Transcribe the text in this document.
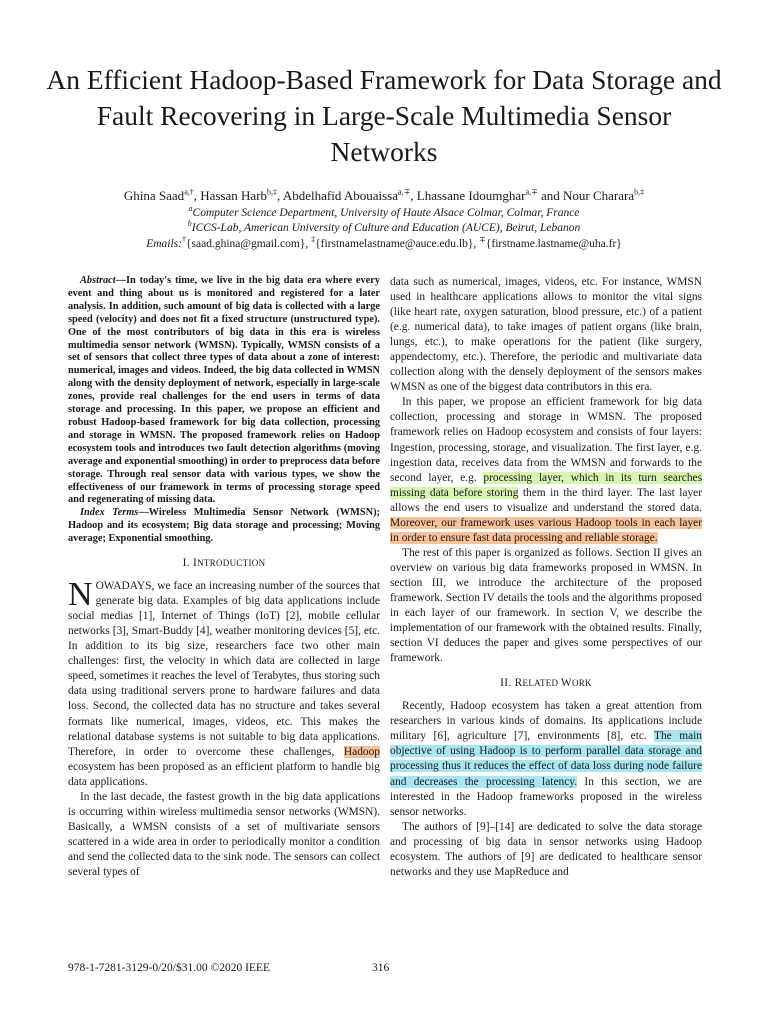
An Efficient Hadoop-Based Framework for Data Storage and Fault Recovering in Large-Scale Multimedia Sensor Networks
Ghina Saad$^{a,\dagger}$, Hassan Harb$^{b,\ddagger}$, Abdelhafid Abouaissa$^{a,\mp}$, Lhassane Idoumghar$^{a,\mp}$ and Nour Charara$^{b,\ddagger}$
$^a$Computer Science Department, University of Haute Alsace Colmar, Colmar, France
$^b$ICCS-Lab, American University of Culture and Education (AUCE), Beirut, Lebanon
Emails:†{saad.ghina@gmail.com}, ‡{firstnamelastname@auce.edu.lb}, ∓{firstname.lastname@uha.fr}

Abstract—In today's time, we live in the big data era where every event and thing about us is monitored and registered for a later analysis. In addition, such amount of big data is collected with a large speed (velocity) and does not fit a fixed structure (unstructured type). One of the most contributors of big data in this era is wireless multimedia sensor network (WMSN). Typically, WMSN consists of a set of sensors that collect three types of data about a zone of interest: numerical, images and videos. Indeed, the big data collected in WMSN along with the density deployment of network, especially in large-scale zones, provide real challenges for the end users in terms of data storage and processing. In this paper, we propose an efficient and robust Hadoop-based framework for big data collection, processing and storage in WMSN. The proposed framework relies on Hadoop ecosystem tools and introduces two fault detection algorithms (moving average and exponential smoothing) in order to preprocess data before storage. Through real sensor data with various types, we show the effectiveness of our framework in terms of processing storage speed and regenerating of missing data.

Index Terms—Wireless Multimedia Sensor Network (WMSN); Hadoop and its ecosystem; Big data storage and processing; Moving average; Exponential smoothing.

I. INTRODUCTION

NOWADAYS, we face an increasing number of the sources that generate big data. Examples of big data applications include social medias [1], Internet of Things (IoT) [2], mobile cellular networks [3], Smart-Buddy [4], weather monitoring devices [5], etc. In addition to its big size, researchers face two other main challenges: first, the velocity in which data are collected in large speed, sometimes it reaches the level of Terabytes, thus storing such data using traditional servers prone to hardware failures and data loss. Second, the collected data has no structure and takes several formats like numerical, images, videos, etc. This makes the relational database systems is not suitable to big data applications. Therefore, in order to overcome these challenges, Hadoop ecosystem has been proposed as an efficient platform to handle big data applications.

In the last decade, the fastest growth in the big data applications is occurring within wireless multimedia sensor networks (WMSN). Basically, a WMSN consists of a set of multivariate sensors scattered in a wide area in order to periodically monitor a condition and send the collected data to the sink node. The sensors can collect several types of

data such as numerical, images, videos, etc. For instance, WMSN used in healthcare applications allows to monitor the vital signs (like heart rate, oxygen saturation, blood pressure, etc.) of a patient (e.g. numerical data), to take images of patient organs (like brain, lungs, etc.), to make operations for the patient (like surgery, appendectomy, etc.). Therefore, the periodic and multivariate data collection along with the densely deployment of the sensors makes WMSN as one of the biggest data contributors in this era.

In this paper, we propose an efficient framework for big data collection, processing and storage in WMSN. The proposed framework relies on Hadoop ecosystem and consists of four layers: Ingestion, processing, storage, and visualization. The first layer, e.g. ingestion data, receives data from the WMSN and forwards to the second layer, e.g. processing layer, which in its turn searches missing data before storing them in the third layer. The last layer allows the end users to visualize and understand the stored data. Moreover, our framework uses various Hadoop tools in each layer in order to ensure fast data processing and reliable storage.

The rest of this paper is organized as follows. Section II gives an overview on various big data frameworks proposed in WMSN. In section III, we introduce the architecture of the proposed framework. Section IV details the tools and the algorithms proposed in each layer of our framework. In section V, we describe the implementation of our framework with the obtained results. Finally, section VI deduces the paper and gives some perspectives of our framework.

II. RELATED WORK

Recently, Hadoop ecosystem has taken a great attention from researchers in various kinds of domains. Its applications include military [6], agriculture [7], environments [8], etc. The main objective of using Hadoop is to perform parallel data storage and processing thus it reduces the effect of data loss during node failure and decreases the processing latency. In this section, we are interested in the Hadoop frameworks proposed in the wireless sensor networks.

The authors of [9]–[14] are dedicated to solve the data storage and processing of big data in sensor networks using Hadoop ecosystem. The authors of [9] are dedicated to healthcare sensor networks and they use MapReduce and

978-1-7281-3129-0/20/$31.00 ©2020 IEEE	316
